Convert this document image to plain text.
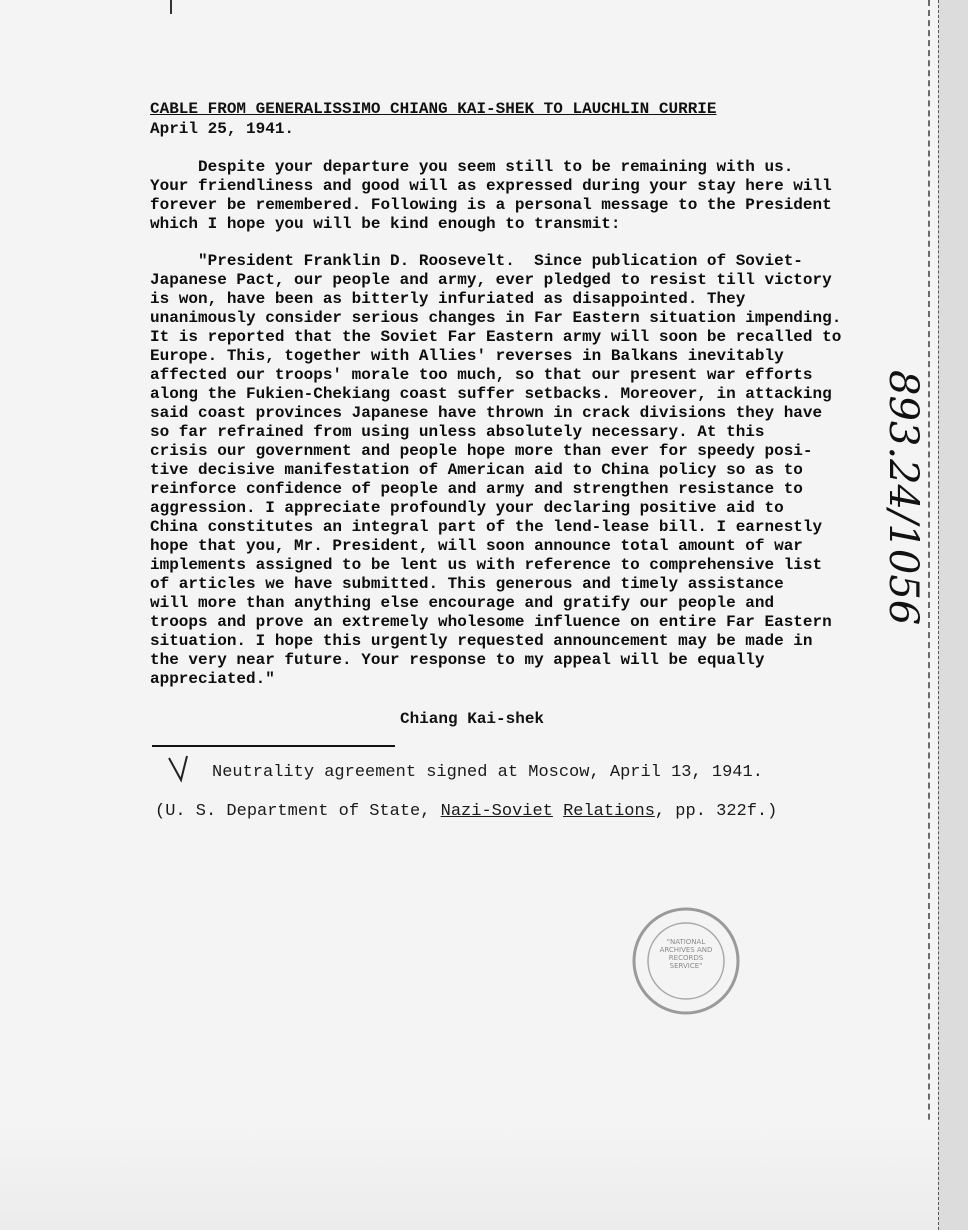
CABLE FROM GENERALISSIMO CHIANG KAI-SHEK TO LAUCHLIN CURRIE
April 25, 1941.
Despite your departure you seem still to be remaining with us.
Your friendliness and good will as expressed during your stay here will
forever be remembered. Following is a personal message to the President
which I hope you will be kind enough to transmit:
"President Franklin D. Roosevelt.  Since publication of Soviet-
Japanese Pact, our people and army, ever pledged to resist till victory
is won, have been as bitterly infuriated as disappointed. They
unanimously consider serious changes in Far Eastern situation impending.
It is reported that the Soviet Far Eastern army will soon be recalled to
Europe. This, together with Allies' reverses in Balkans inevitably
affected our troops' morale too much, so that our present war efforts
along the Fukien-Chekiang coast suffer setbacks. Moreover, in attacking
said coast provinces Japanese have thrown in crack divisions they have
so far refrained from using unless absolutely necessary. At this
crisis our government and people hope more than ever for speedy posi-
tive decisive manifestation of American aid to China policy so as to
reinforce confidence of people and army and strengthen resistance to
aggression. I appreciate profoundly your declaring positive aid to
China constitutes an integral part of the lend-lease bill. I earnestly
hope that you, Mr. President, will soon announce total amount of war
implements assigned to be lent us with reference to comprehensive list
of articles we have submitted. This generous and timely assistance
will more than anything else encourage and gratify our people and
troops and prove an extremely wholesome influence on entire Far Eastern
situation. I hope this urgently requested announcement may be made in
the very near future. Your response to my appeal will be equally
appreciated."
Chiang Kai-shek
Neutrality agreement signed at Moscow, April 13, 1941.
(U. S. Department of State, Nazi-Soviet Relations, pp. 322f.)
893.24/1056
"NATIONAL ARCHIVES AND RECORDS SERVICE"
